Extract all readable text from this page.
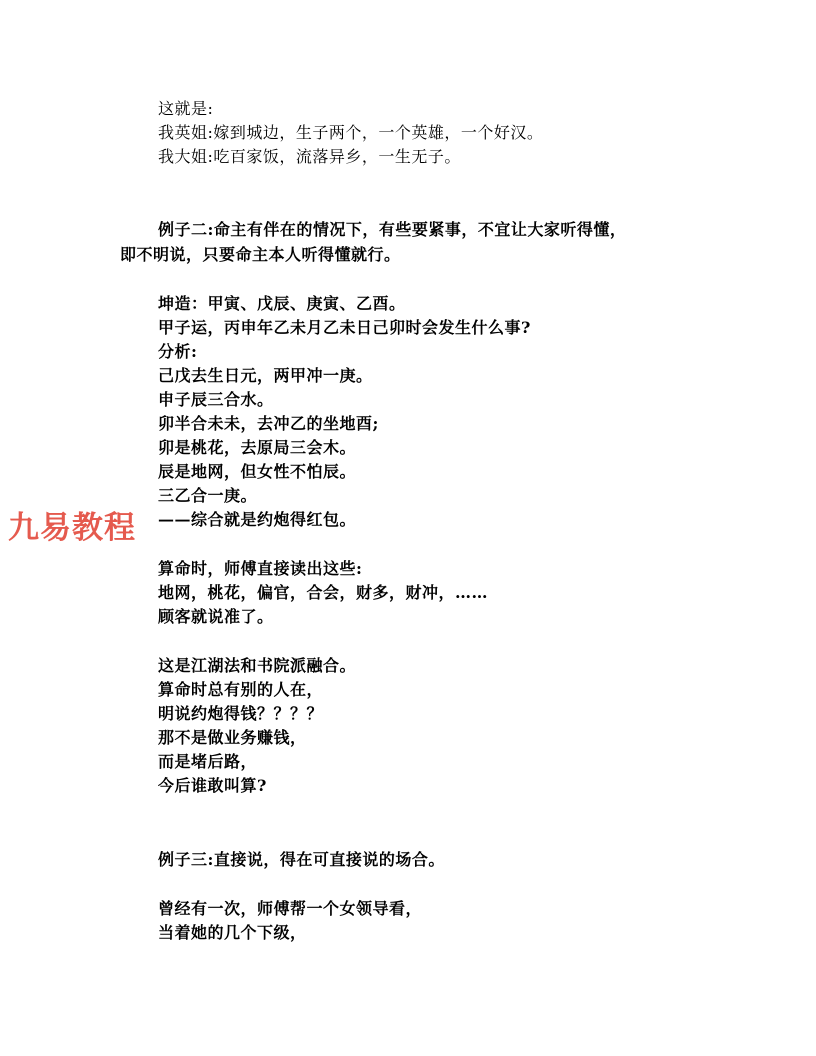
这就是:
我英姐:嫁到城边，生子两个，一个英雄，一个好汉。
我大姐:吃百家饭，流落异乡，一生无子。
例子二:命主有伴在的情况下，有些要紧事，不宜让大家听得懂，
即不明说，只要命主本人听得懂就行。
坤造：甲寅、戊辰、庚寅、乙酉。
甲子运，丙申年乙未月乙未日己卯时会发生什么事?
分析:
己戊去生日元，两甲冲一庚。
申子辰三合水。
卯半合未未，去冲乙的坐地酉;
卯是桃花，去原局三会木。
辰是地网，但女性不怕辰。
三乙合一庚。
——综合就是约炮得红包。
算命时，师傅直接读出这些:
地网，桃花，偏官，合会，财多，财冲，……
顾客就说准了。
这是江湖法和书院派融合。
算命时总有别的人在，
明说约炮得钱？？？？
那不是做业务赚钱，
而是堵后路，
今后谁敢叫算?
例子三:直接说，得在可直接说的场合。
曾经有一次，师傅帮一个女领导看，
当着她的几个下级，
九易教程
